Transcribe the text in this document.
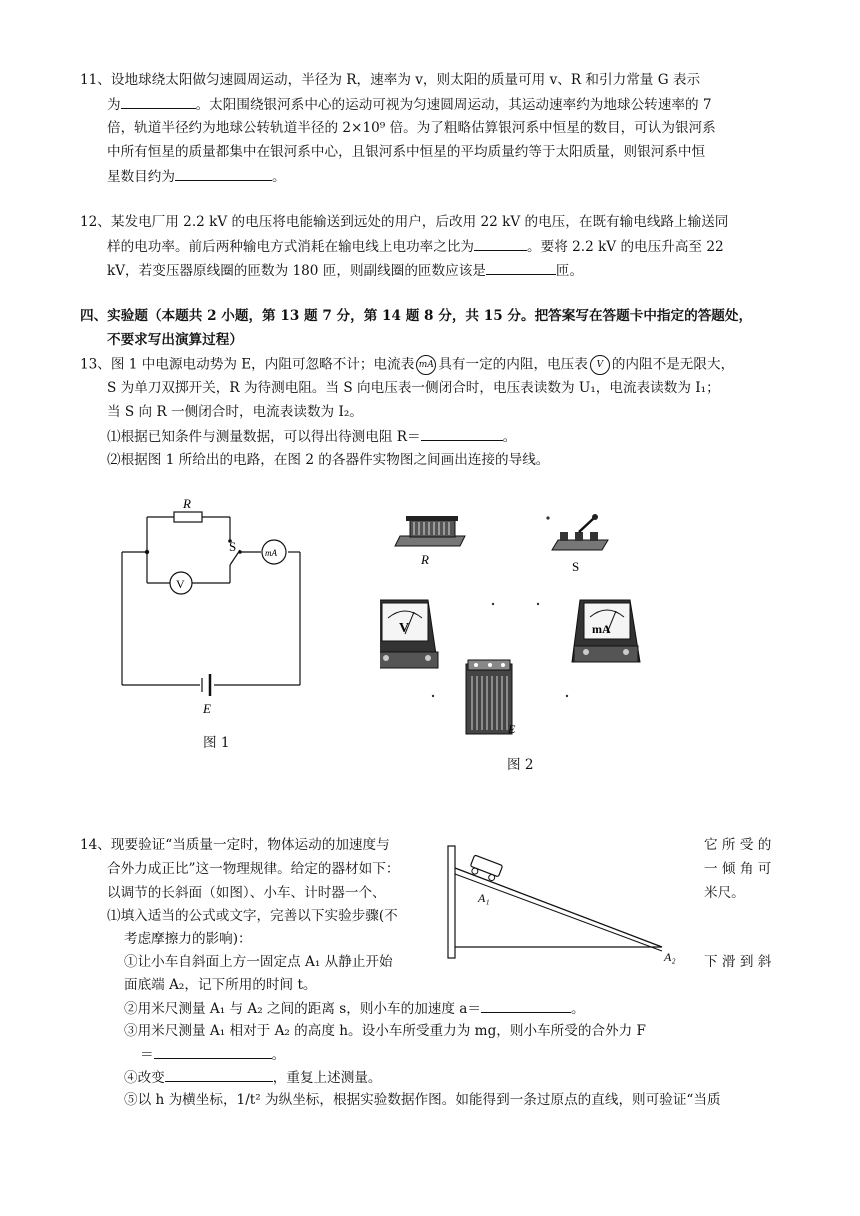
11、设地球绕太阳做匀速圆周运动，半径为 R，速率为 v，则太阳的质量可用 v、R 和引力常量 G 表示
为	。太阳围绕银河系中心的运动可视为匀速圆周运动，其运动速率约为地球公转速率的 7
倍，轨道半径约为地球公转轨道半径的 2×10⁹ 倍。为了粗略估算银河系中恒星的数目，可认为银河系
中所有恒星的质量都集中在银河系中心，且银河系中恒星的平均质量约等于太阳质量，则银河系中恒
星数目约为	。
12、某发电厂用 2.2 kV 的电压将电能输送到远处的用户，后改用 22 kV 的电压，在既有输电线路上输送同
样的电功率。前后两种输电方式消耗在输电线上电功率之比为	。要将 2.2 kV 的电压升高至 22
kV，若变压器原线圈的匝数为 180 匝，则副线圈的匝数应该是	匝。
四、实验题（本题共 2 小题，第 13 题 7 分，第 14 题 8 分，共 15 分。把答案写在答题卡中指定的答题处，
不要求写出演算过程）
13、图 1 中电源电动势为 E，内阻可忽略不计；电流表 mA 具有一定的内阻，电压表 V 的内阻不是无限大，
S 为单刀双掷开关，R 为待测电阻。当 S 向电压表一侧闭合时，电压表读数为 U₁，电流表读数为 I₁；
当 S 向 R 一侧闭合时，电流表读数为 I₂。
⑴根据已知条件与测量数据，可以得出待测电阻 R＝	。
⑵根据图 1 所给出的电路，在图 2 的各器件实物图之间画出连接的导线。
R
S
V
mA
E
图 1
R	S
V	mA
E
图 2
14、现要验证“当质量一定时，物体运动的加速度与	它 所 受 的
合外力成正比”这一物理规律。给定的器材如下：	一 倾 角 可
以调节的长斜面（如图）、小车、计时器一个、	米尺。
⑴填入适当的公式或文字，完善以下实验步骤(不
考虑摩擦力的影响)：
①让小车自斜面上方一固定点 A₁ 从静止开始	下 滑 到 斜
面底端 A₂，记下所用的时间 t。
②用米尺测量 A₁ 与 A₂ 之间的距离 s，则小车的加速度 a＝	。
③用米尺测量 A₁ 相对于 A₂ 的高度 h。设小车所受重力为 mg，则小车所受的合外力 F
＝	。
④改变	，重复上述测量。
⑤以 h 为横坐标，1/t² 为纵坐标，根据实验数据作图。如能得到一条过原点的直线，则可验证“当质
A₁
A₂
